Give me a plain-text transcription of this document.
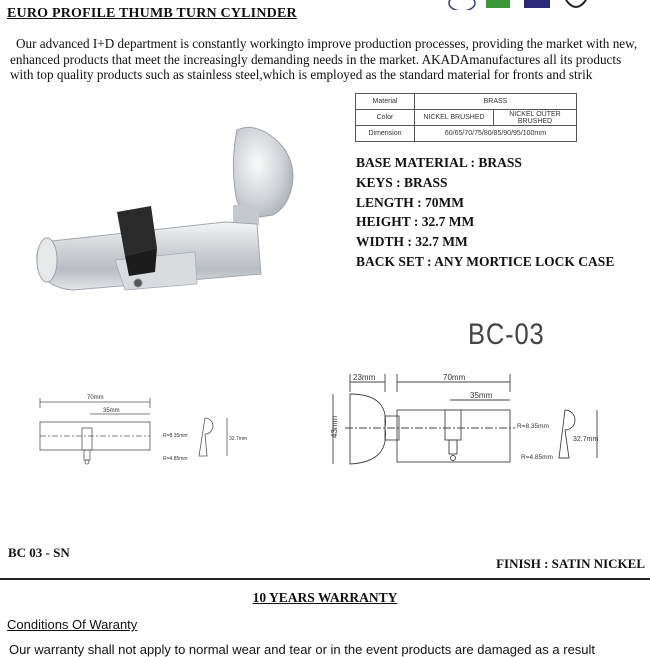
EURO PROFILE THUMB TURN CYLINDER

Our advanced I+D department is constantly workingto improve production processes, providing the market with new, enhanced products that meet the increasingly demanding needs in the market. AKADAmanufactures all its products with top quality products such as stainless steel,which is employed as the standard material for fronts and strik

Material	BRASS	
Color	NICKEL BRUSHED	NICKEL OUTER BRUSHED
Dimension	60/65/70/75/80/85/90/95/100mm	
BASE MATERIAL : BRASS
KEYS : BRASS
LENGTH : 70MM
HEIGHT : 32.7 MM
WIDTH : 32.7 MM
BACK SET : ANY MORTICE LOCK CASE
BC-03
70mm
35mm
R=8.35mm
R=4.85mm
32.7mm
23mm	70mm
35mm
43mm	R=8.35mm
R=4.85mm
32.7mm
BC 03 - SN
FINISH : SATIN NICKEL
10 YEARS WARRANTY
Conditions Of Waranty
Our warranty shall not apply to normal wear and tear or in the event products are damaged as a result
